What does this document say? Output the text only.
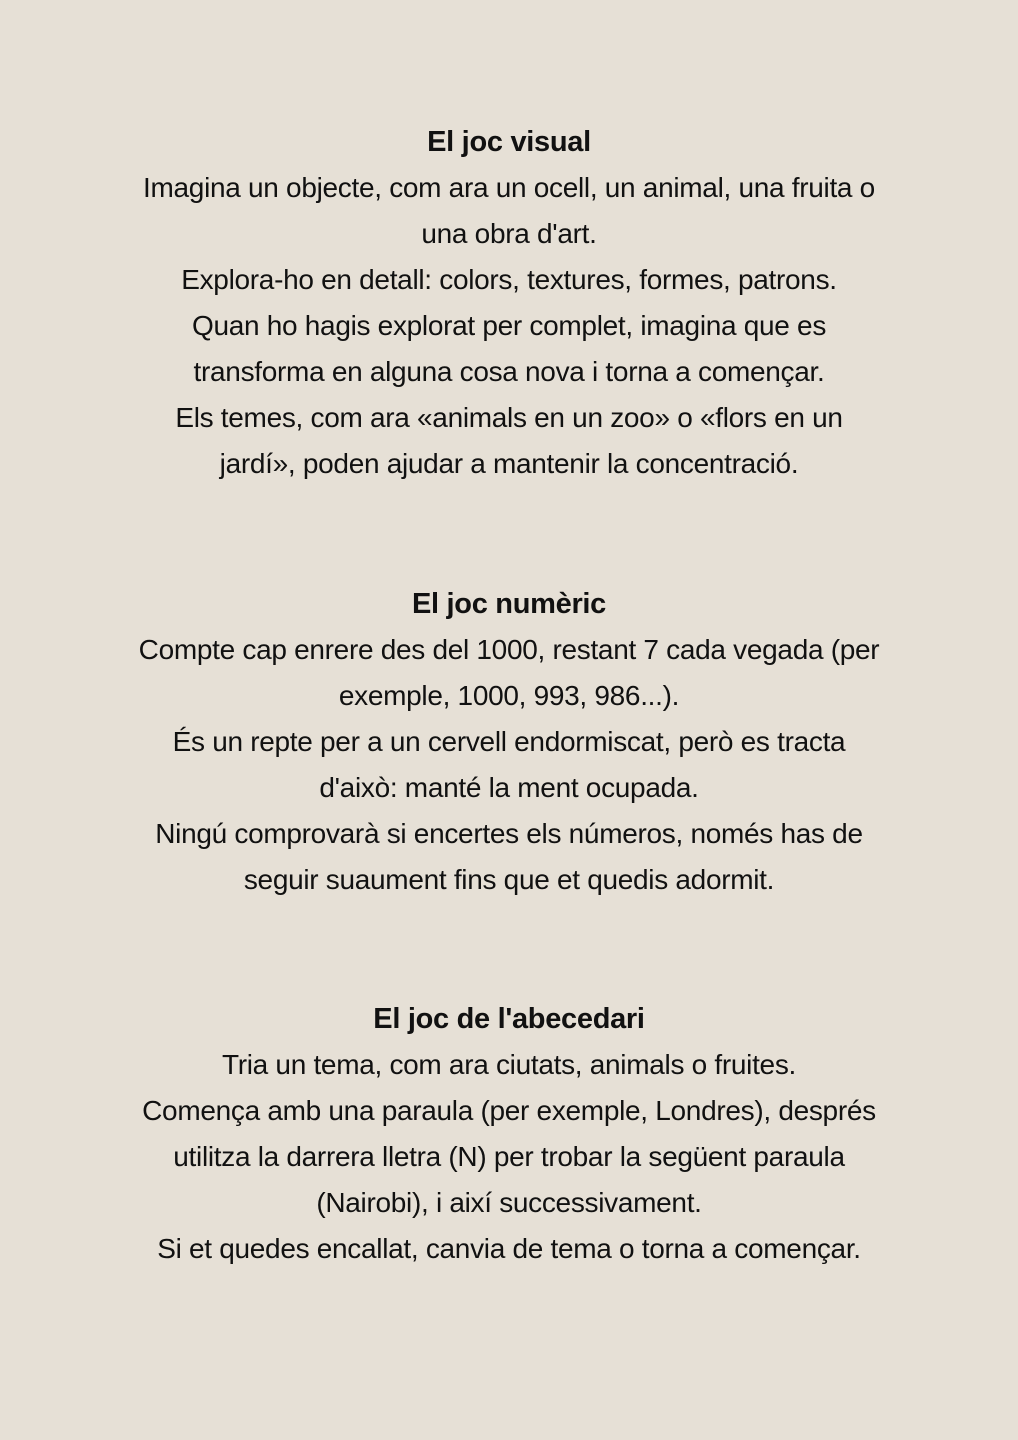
El joc visual
Imagina un objecte, com ara un ocell, un animal, una fruita o
una obra d'art.
Explora-ho en detall: colors, textures, formes, patrons.
Quan ho hagis explorat per complet, imagina que es
transforma en alguna cosa nova i torna a començar.
Els temes, com ara «animals en un zoo» o «flors en un
jardí», poden ajudar a mantenir la concentració.
El joc numèric
Compte cap enrere des del 1000, restant 7 cada vegada (per
exemple, 1000, 993, 986...).
És un repte per a un cervell endormiscat, però es tracta
d'això: manté la ment ocupada.
Ningú comprovarà si encertes els números, només has de
seguir suaument fins que et quedis adormit.
El joc de l'abecedari
Tria un tema, com ara ciutats, animals o fruites.
Comença amb una paraula (per exemple, Londres), després
utilitza la darrera lletra (N) per trobar la següent paraula
(Nairobi), i així successivament.
Si et quedes encallat, canvia de tema o torna a començar.
